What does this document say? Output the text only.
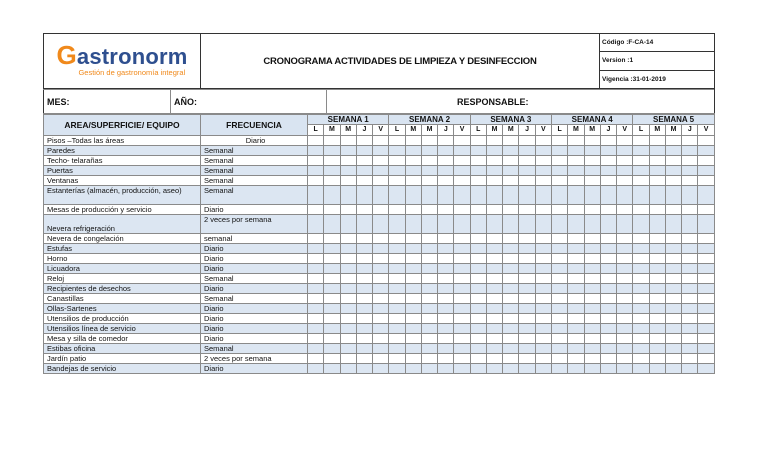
Gastronorm
Gestión de gastronomía integral
	CRONOGRAMA ACTIVIDADES DE LIMPIEZA Y DESINFECCION	Código :F-CA-14
Version :1
Vigencia :31-01-2019
MES:	AÑO:	RESPONSABLE:
AREA/SUPERFICIE/ EQUIPO	FRECUENCIA	SEMANA 1					SEMANA 2					SEMANA 3					SEMANA 4					SEMANA 5				
		L	M	M	J	V	L	M	M	J	V	L	M	M	J	V	L	M	M	J	V	L	M	M	J	V
Pisos –Todas las áreas	Diario																									
Paredes	Semanal																									
Techo- telarañas	Semanal																									
Puertas	Semanal																									
Ventanas	Semanal																									
Estanterías (almacén, producción, aseo)	Semanal																									
Mesas de producción y servicio	Diario																									
Nevera refrigeración	2 veces por semana																									
Nevera de congelación	semanal																									
Estufas	Diario																									
Horno	Diario																									
Licuadora	Diario																									
Reloj	Semanal																									
Recipientes de desechos	Diario																									
Canastillas	Semanal																									
Ollas-Sartenes	Diario																									
Utensilios de producción	Diario																									
Utensilios línea de servicio	Diario																									
Mesa y silla de comedor	Diario																									
Estibas oficina	Semanal																									
Jardín patio	2 veces por semana																									
Bandejas de servicio	Diario																									
